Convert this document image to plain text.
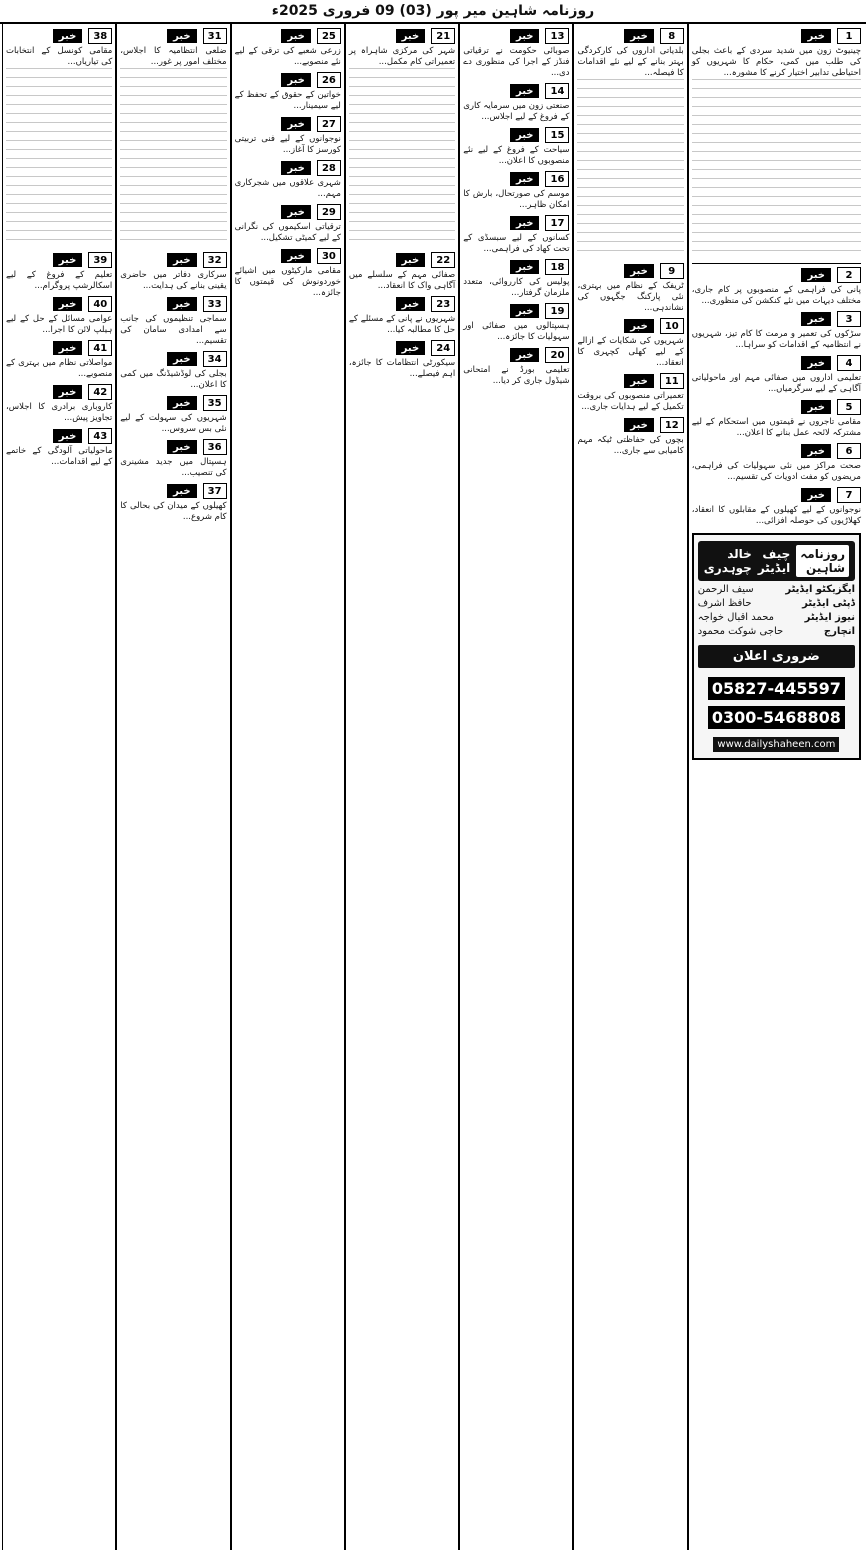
روزنامہ شاہین میر پور (03) 09 فروری 2025ء
1
خبر
چینیوٹ زون میں شدید سردی کے باعث بجلی کی طلب میں کمی، حکام کا شہریوں کو احتیاطی تدابیر اختیار کرنے کا مشورہ...
2
خبر
پانی کی فراہمی کے منصوبوں پر کام جاری، مختلف دیہات میں نئے کنکشن کی منظوری...
3
خبر
سڑکوں کی تعمیر و مرمت کا کام تیز، شہریوں نے انتظامیہ کے اقدامات کو سراہا...
4
خبر
تعلیمی اداروں میں صفائی مہم اور ماحولیاتی آگاہی کے لیے سرگرمیاں...
5
خبر
مقامی تاجروں نے قیمتوں میں استحکام کے لیے مشترکہ لائحہ عمل بنانے کا اعلان...
6
خبر
صحت مراکز میں نئی سہولیات کی فراہمی، مریضوں کو مفت ادویات کی تقسیم...
7
خبر
نوجوانوں کے لیے کھیلوں کے مقابلوں کا انعقاد، کھلاڑیوں کی حوصلہ افزائی...
روزنامہ شاہین
چیف ایڈیٹر
خالد چوہدری
ایگزیکٹو ایڈیٹر
سیف الرحمن
ڈپٹی ایڈیٹر
حافظ اشرف
نیوز ایڈیٹر
محمد اقبال خواجہ
انچارج
حاجی شوکت محمود
ضروری اعلان
05827-445597
0300-5468808
www.dailyshaheen.com
8
خبر
بلدیاتی اداروں کی کارکردگی بہتر بنانے کے لیے نئے اقدامات کا فیصلہ...
9
خبر
ٹریفک کے نظام میں بہتری، نئی پارکنگ جگہوں کی نشاندہی...
10
خبر
شہریوں کی شکایات کے ازالے کے لیے کھلی کچہری کا انعقاد...
11
خبر
تعمیراتی منصوبوں کی بروقت تکمیل کے لیے ہدایات جاری...
12
خبر
بچوں کی حفاظتی ٹیکہ مہم کامیابی سے جاری...
13
خبر
صوبائی حکومت نے ترقیاتی فنڈز کے اجرا کی منظوری دے دی...
14
خبر
صنعتی زون میں سرمایہ کاری کے فروغ کے لیے اجلاس...
15
خبر
سیاحت کے فروغ کے لیے نئے منصوبوں کا اعلان...
16
خبر
موسم کی صورتحال، بارش کا امکان ظاہر...
17
خبر
کسانوں کے لیے سبسڈی کے تحت کھاد کی فراہمی...
18
خبر
پولیس کی کارروائی، متعدد ملزمان گرفتار...
19
خبر
ہسپتالوں میں صفائی اور سہولیات کا جائزہ...
20
خبر
تعلیمی بورڈ نے امتحانی شیڈول جاری کر دیا...
21
خبر
شہر کی مرکزی شاہراہ پر تعمیراتی کام مکمل...
22
خبر
صفائی مہم کے سلسلے میں آگاہی واک کا انعقاد...
23
خبر
شہریوں نے پانی کے مسئلے کے حل کا مطالبہ کیا...
24
خبر
سیکورٹی انتظامات کا جائزہ، اہم فیصلے...
25
خبر
زرعی شعبے کی ترقی کے لیے نئے منصوبے...
26
خبر
خواتین کے حقوق کے تحفظ کے لیے سیمینار...
27
خبر
نوجوانوں کے لیے فنی تربیتی کورسز کا آغاز...
28
خبر
شہری علاقوں میں شجرکاری مہم...
29
خبر
ترقیاتی اسکیموں کی نگرانی کے لیے کمیٹی تشکیل...
30
خبر
مقامی مارکیٹوں میں اشیائے خوردونوش کی قیمتوں کا جائزہ...
31
خبر
ضلعی انتظامیہ کا اجلاس، مختلف امور پر غور...
32
خبر
سرکاری دفاتر میں حاضری یقینی بنانے کی ہدایت...
33
خبر
سماجی تنظیموں کی جانب سے امدادی سامان کی تقسیم...
34
خبر
بجلی کی لوڈشیڈنگ میں کمی کا اعلان...
35
خبر
شہریوں کی سہولت کے لیے نئی بس سروس...
36
خبر
ہسپتال میں جدید مشینری کی تنصیب...
37
خبر
کھیلوں کے میدان کی بحالی کا کام شروع...
38
خبر
مقامی کونسل کے انتخابات کی تیاریاں...
39
خبر
تعلیم کے فروغ کے لیے اسکالرشپ پروگرام...
40
خبر
عوامی مسائل کے حل کے لیے ہیلپ لائن کا اجرا...
41
خبر
مواصلاتی نظام میں بہتری کے منصوبے...
42
خبر
کاروباری برادری کا اجلاس، تجاویز پیش...
43
خبر
ماحولیاتی آلودگی کے خاتمے کے لیے اقدامات...
